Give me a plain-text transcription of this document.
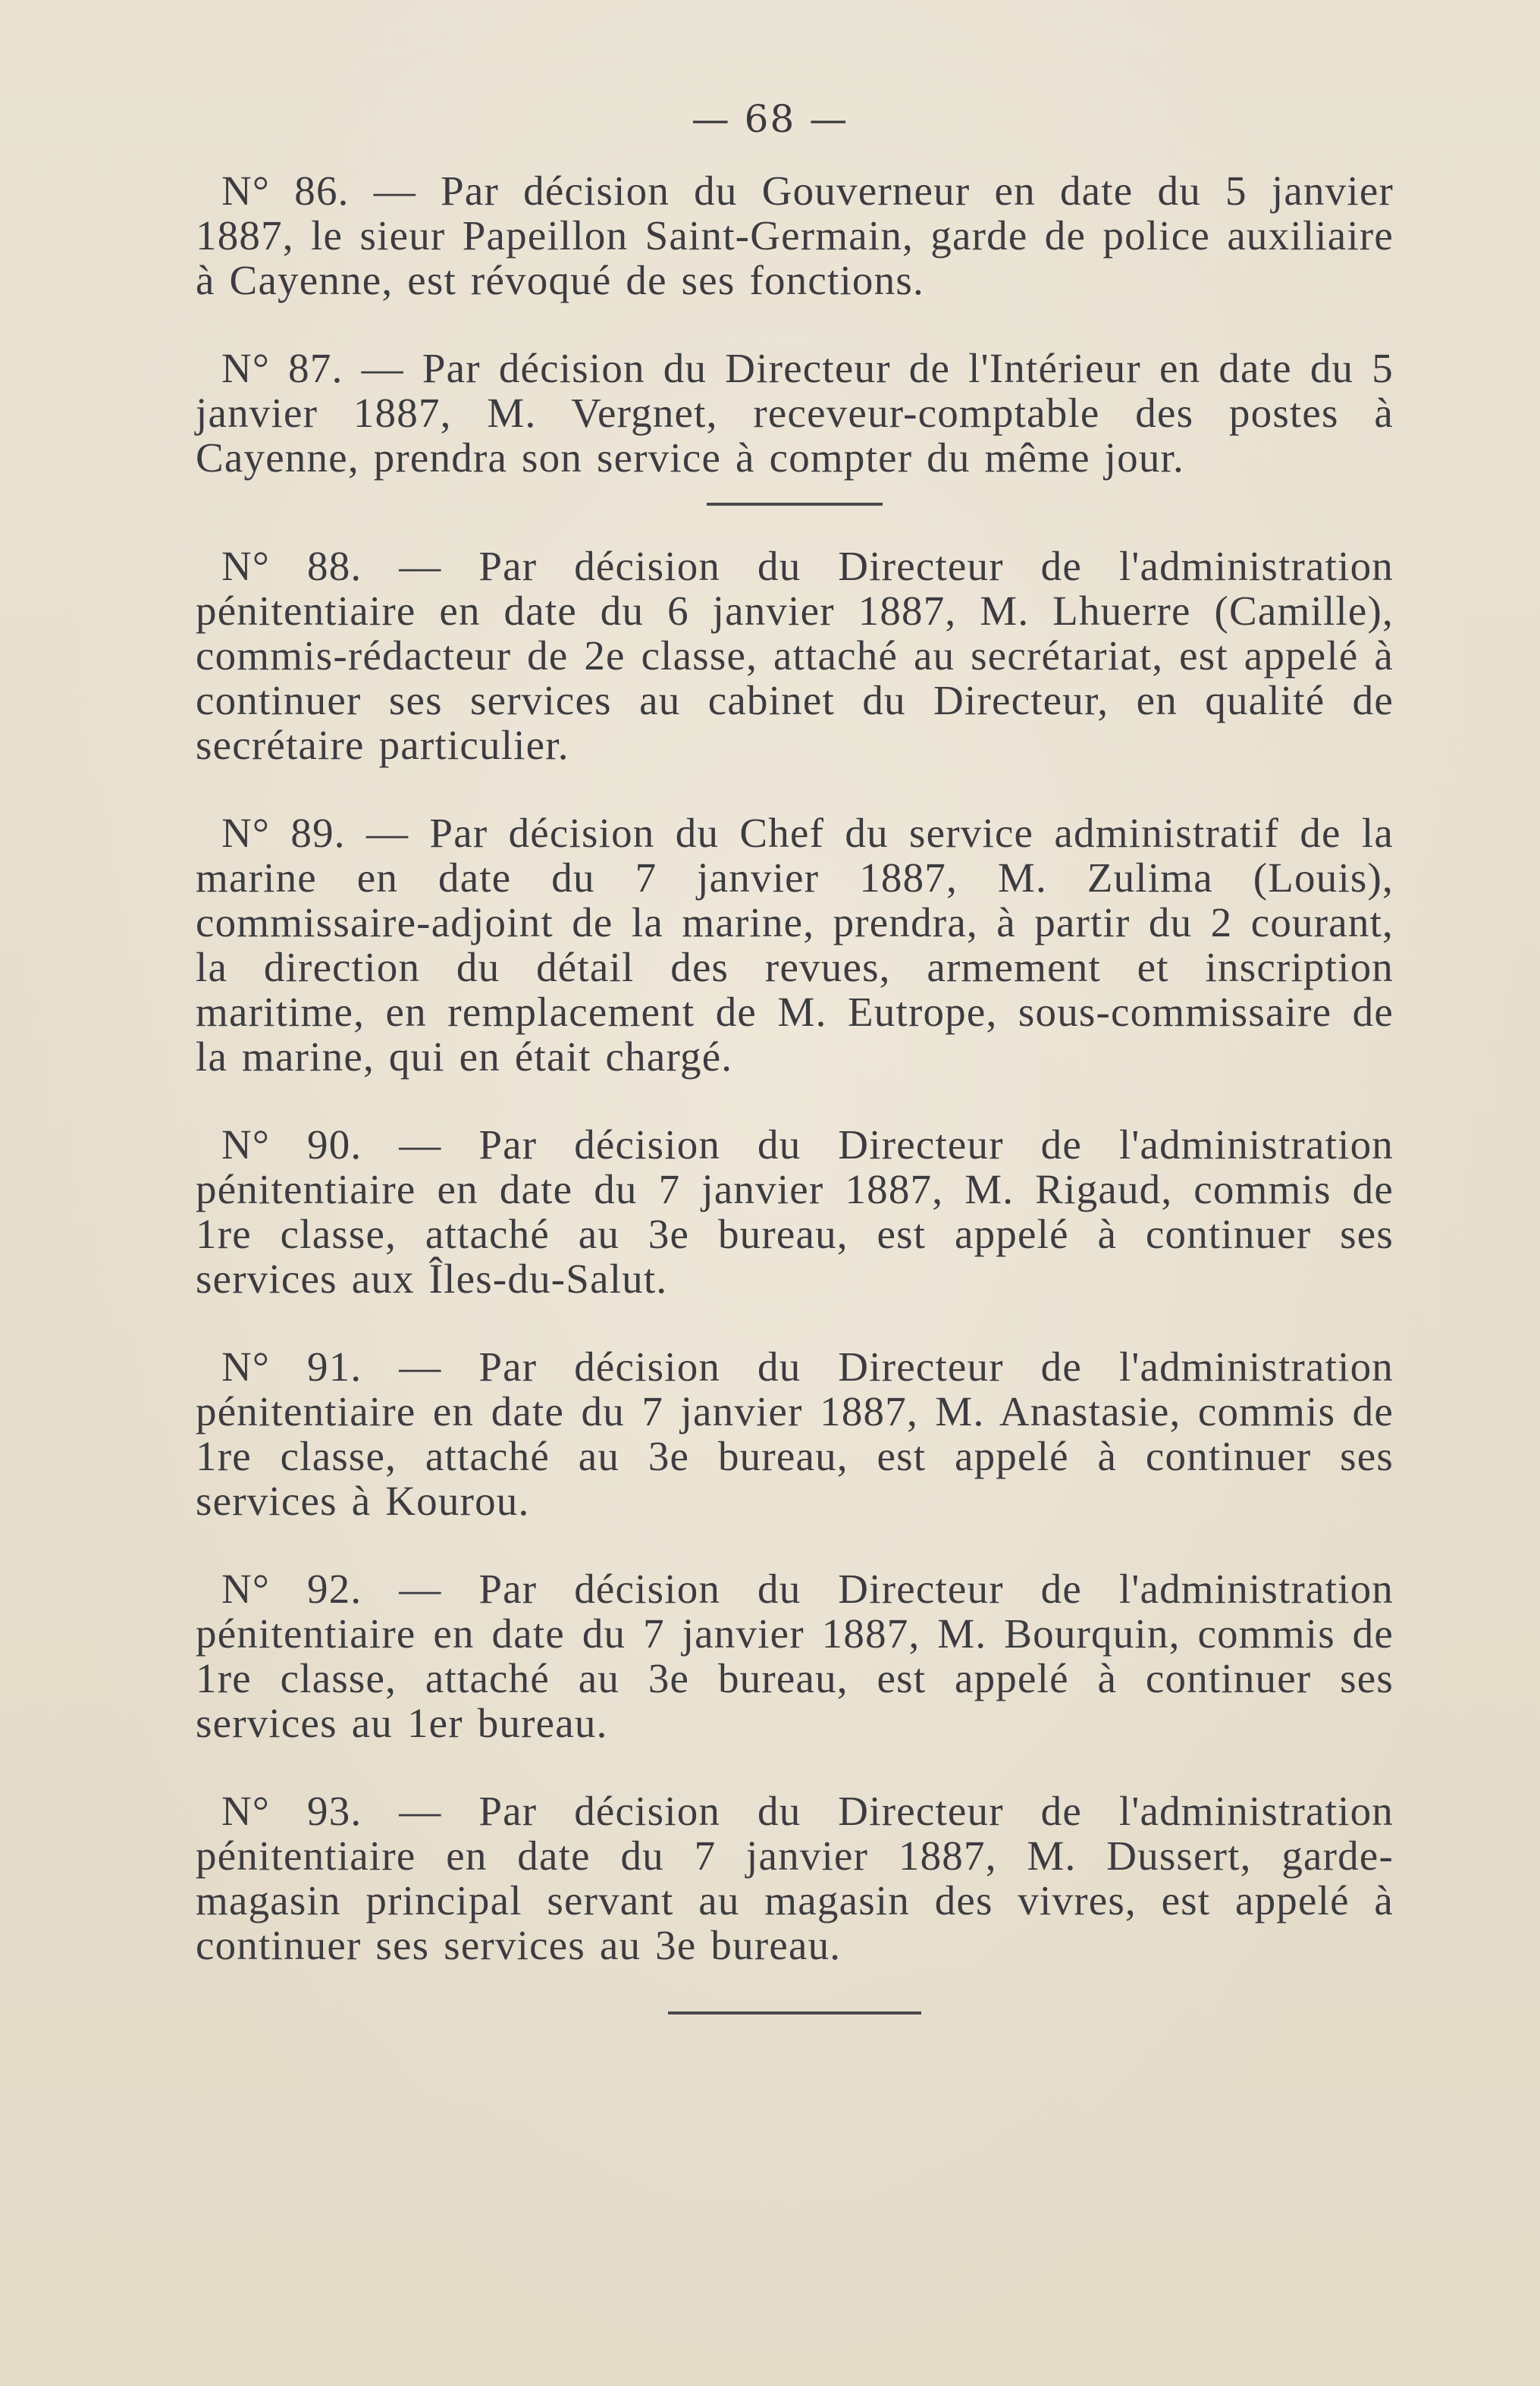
— 68 —

N° 86. — Par décision du Gouverneur en date du 5 janvier 1887, le sieur Papeillon Saint-Germain, garde de police auxiliaire à Cayenne, est révoqué de ses fonctions.

N° 87. — Par décision du Directeur de l'Intérieur en date du 5 janvier 1887, M. Vergnet, receveur-comptable des postes à Cayenne, prendra son service à compter du même jour.

N° 88. — Par décision du Directeur de l'administration pénitentiaire en date du 6 janvier 1887, M. Lhuerre (Camille), commis-rédacteur de 2e classe, attaché au secrétariat, est appelé à continuer ses services au cabinet du Directeur, en qualité de secrétaire particulier.

N° 89. — Par décision du Chef du service administratif de la marine en date du 7 janvier 1887, M. Zulima (Louis), commissaire-adjoint de la marine, prendra, à partir du 2 courant, la direction du détail des revues, armement et inscription maritime, en remplacement de M. Eutrope, sous-commissaire de la marine, qui en était chargé.

N° 90. — Par décision du Directeur de l'administration pénitentiaire en date du 7 janvier 1887, M. Rigaud, commis de 1re classe, attaché au 3e bureau, est appelé à continuer ses services aux Îles-du-Salut.

N° 91. — Par décision du Directeur de l'administration pénitentiaire en date du 7 janvier 1887, M. Anastasie, commis de 1re classe, attaché au 3e bureau, est appelé à continuer ses services à Kourou.

N° 92. — Par décision du Directeur de l'administration pénitentiaire en date du 7 janvier 1887, M. Bourquin, commis de 1re classe, attaché au 3e bureau, est appelé à continuer ses services au 1er bureau.

N° 93. — Par décision du Directeur de l'administration pénitentiaire en date du 7 janvier 1887, M. Dussert, garde-magasin principal servant au magasin des vivres, est appelé à continuer ses services au 3e bureau.
